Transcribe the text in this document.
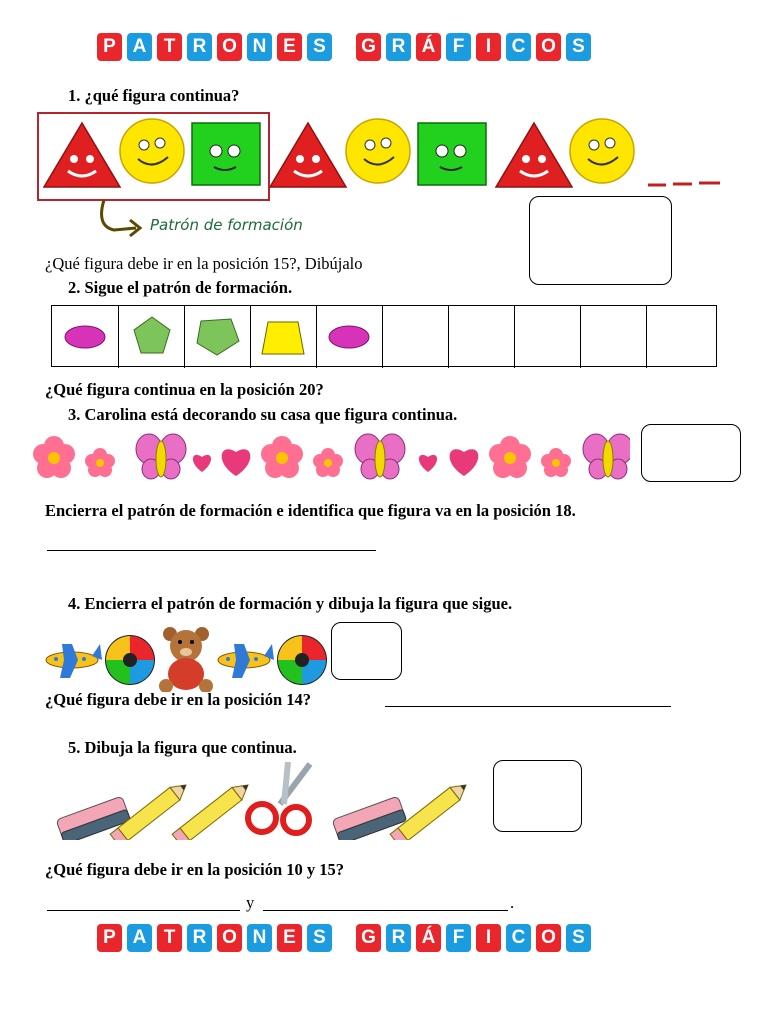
P A T R O N E S	G R Á F	I	C O S
1. ¿qué figura continua?
Patrón de formación
¿Qué figura debe ir en la posición 15?, Dibújalo
2. Sigue el patrón de formación.
¿Qué figura continua en la posición 20?
3. Carolina está decorando su casa que figura continua.
Encierra el patrón de formación e identifica que figura va en la posición 18.
4. Encierra el patrón de formación y dibuja la figura que sigue.
¿Qué figura debe ir en la posición 14?
5. Dibuja la figura que continua.
¿Qué figura debe ir en la posición 10 y 15?
y	.
P A T R O N E S	G R Á F	I	C O S
